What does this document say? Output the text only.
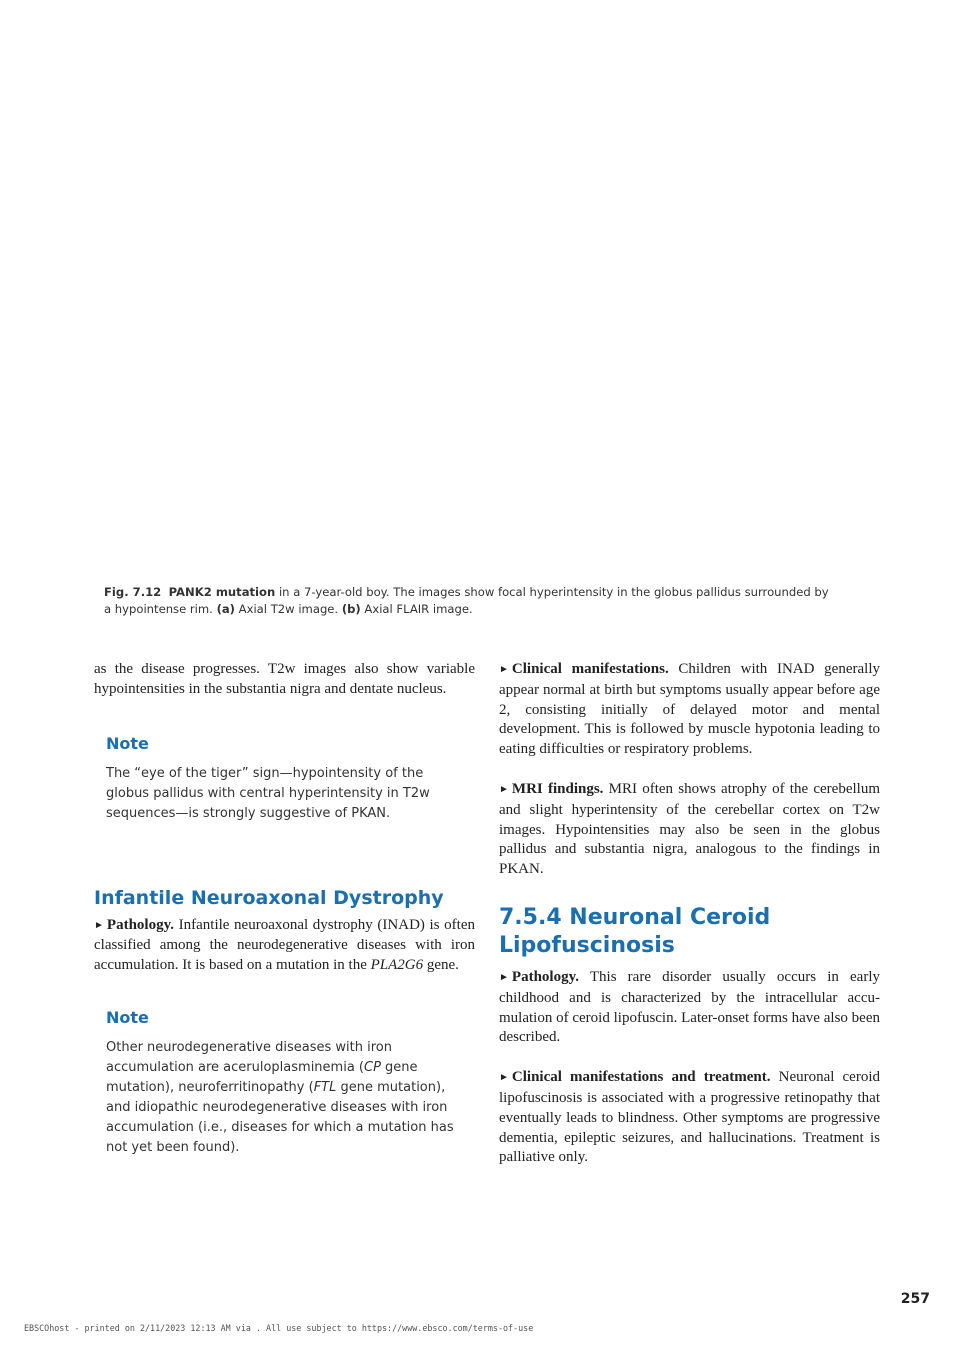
Fig. 7.12 PANK2 mutation in a 7-year-old boy. The images show focal hyperintensity in the globus pallidus surrounded by a hypointense rim. (a) Axial T2w image. (b) Axial FLAIR image.

as the disease progresses. T2w images also show variable hypointensities in the substantia nigra and dentate nucleus.

Note
The “eye of the tiger” sign—hypointensity of the globus pallidus with central hyperintensity in T2w sequences—is strongly suggestive of PKAN.
Infantile Neuroaxonal Dystrophy

► Pathology. Infantile neuroaxonal dystrophy (INAD) is often classified among the neurodegenerative diseases with iron accumulation. It is based on a mutation in the PLA2G6 gene.

Note
Other neurodegenerative diseases with iron accumulation are aceruloplasminemia (CP gene mutation), neuroferritinopathy (FTL gene mutation), and idiopathic neurodegenerative diseases with iron accumulation (i.e., diseases for which a mutation has not yet been found).

► Clinical manifestations. Children with INAD generally appear normal at birth but symptoms usually appear before age 2, consisting initially of delayed motor and mental development. This is followed by muscle hypotonia leading to eating difficulties or respiratory problems.

► MRI findings. MRI often shows atrophy of the cerebellum and slight hyperintensity of the cerebellar cortex on T2w images. Hypointensities may also be seen in the globus pallidus and substantia nigra, analogous to the findings in PKAN.

7.5.4 Neuronal Ceroid
Lipofuscinosis

► Pathology. This rare disorder usually occurs in early childhood and is characterized by the intracellular accumulation of ceroid lipofuscin. Later-onset forms have also been described.

► Clinical manifestations and treatment. Neuronal ceroid lipofuscinosis is associated with a progressive retinopathy that eventually leads to blindness. Other symptoms are progressive dementia, epileptic seizures, and hallucinations. Treatment is palliative only.

257
EBSCOhost - printed on 2/11/2023 12:13 AM via . All use subject to https://www.ebsco.com/terms-of-use
